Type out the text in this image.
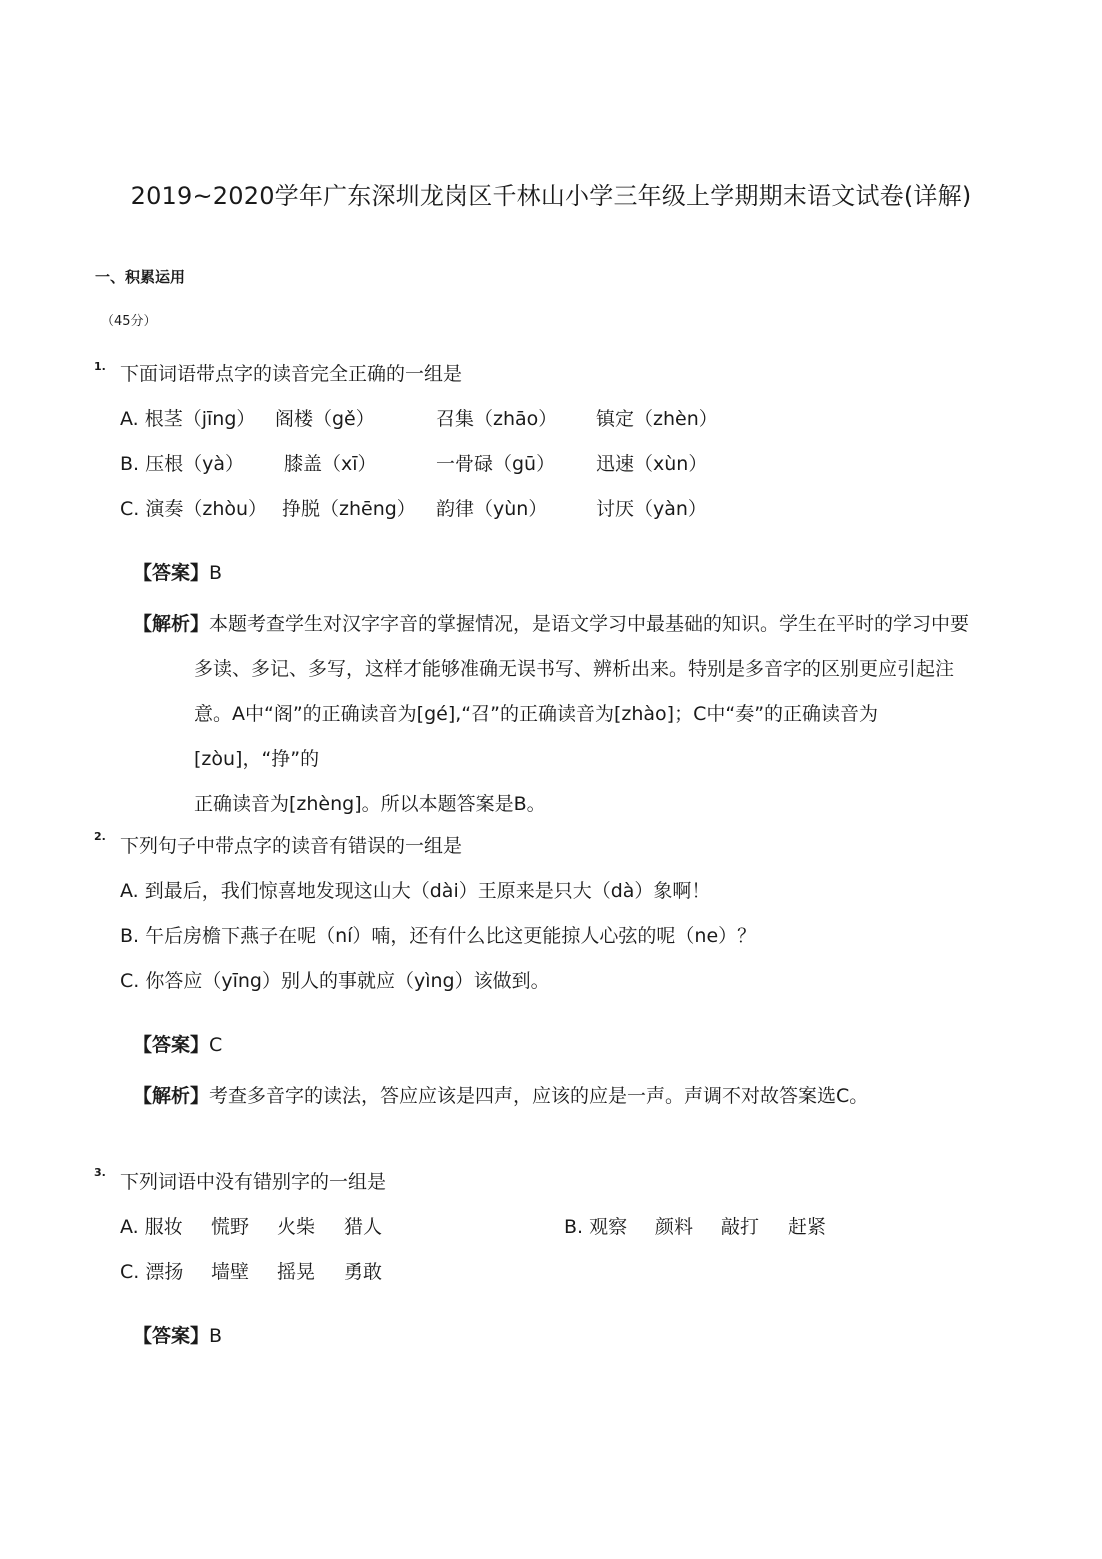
2019~2020学年广东深圳龙岗区千林山小学三年级上学期期末语文试卷(详解)
一、积累运用
（45分）
1. 下面词语带点字的读音完全正确的一组是
A. 根茎（jīng） 阁楼（gě）	召集（zhāo） 镇定（zhèn）
B. 压根（yà） 膝盖（xī）	一骨碌（gū） 迅速（xùn）
C. 演奏（zhòu） 挣脱（zhēng） 韵律（yùn）	讨厌（yàn）
【答案】B
【解析】本题考查学生对汉字字音的掌握情况，是语文学习中最基础的知识。学生在平时的学习中要
多读、多记、多写，这样才能够准确无误书写、辨析出来。特别是多音字的区别更应引起注
意。A中“阁”的正确读音为[gé],“召”的正确读音为[zhào]；C中“奏”的正确读音为[zòu]，“挣”的
正确读音为[zhèng]。所以本题答案是B。
2. 下列句子中带点字的读音有错误的一组是
A. 到最后，我们惊喜地发现这山大（dài）王原来是只大（dà）象啊！
B. 午后房檐下燕子在呢（ní）喃，还有什么比这更能掠人心弦的呢（ne）？
C. 你答应（yīng）别人的事就应（yìng）该做到。
【答案】C
【解析】考查多音字的读法，答应应该是四声，应该的应是一声。声调不对故答案选C。
3. 下列词语中没有错别字的一组是
A. 服妆 慌野 火柴 猎人	B. 观察 颜料 敲打 赶紧
C. 漂扬 墙壁 摇晃 勇敢
【答案】B
